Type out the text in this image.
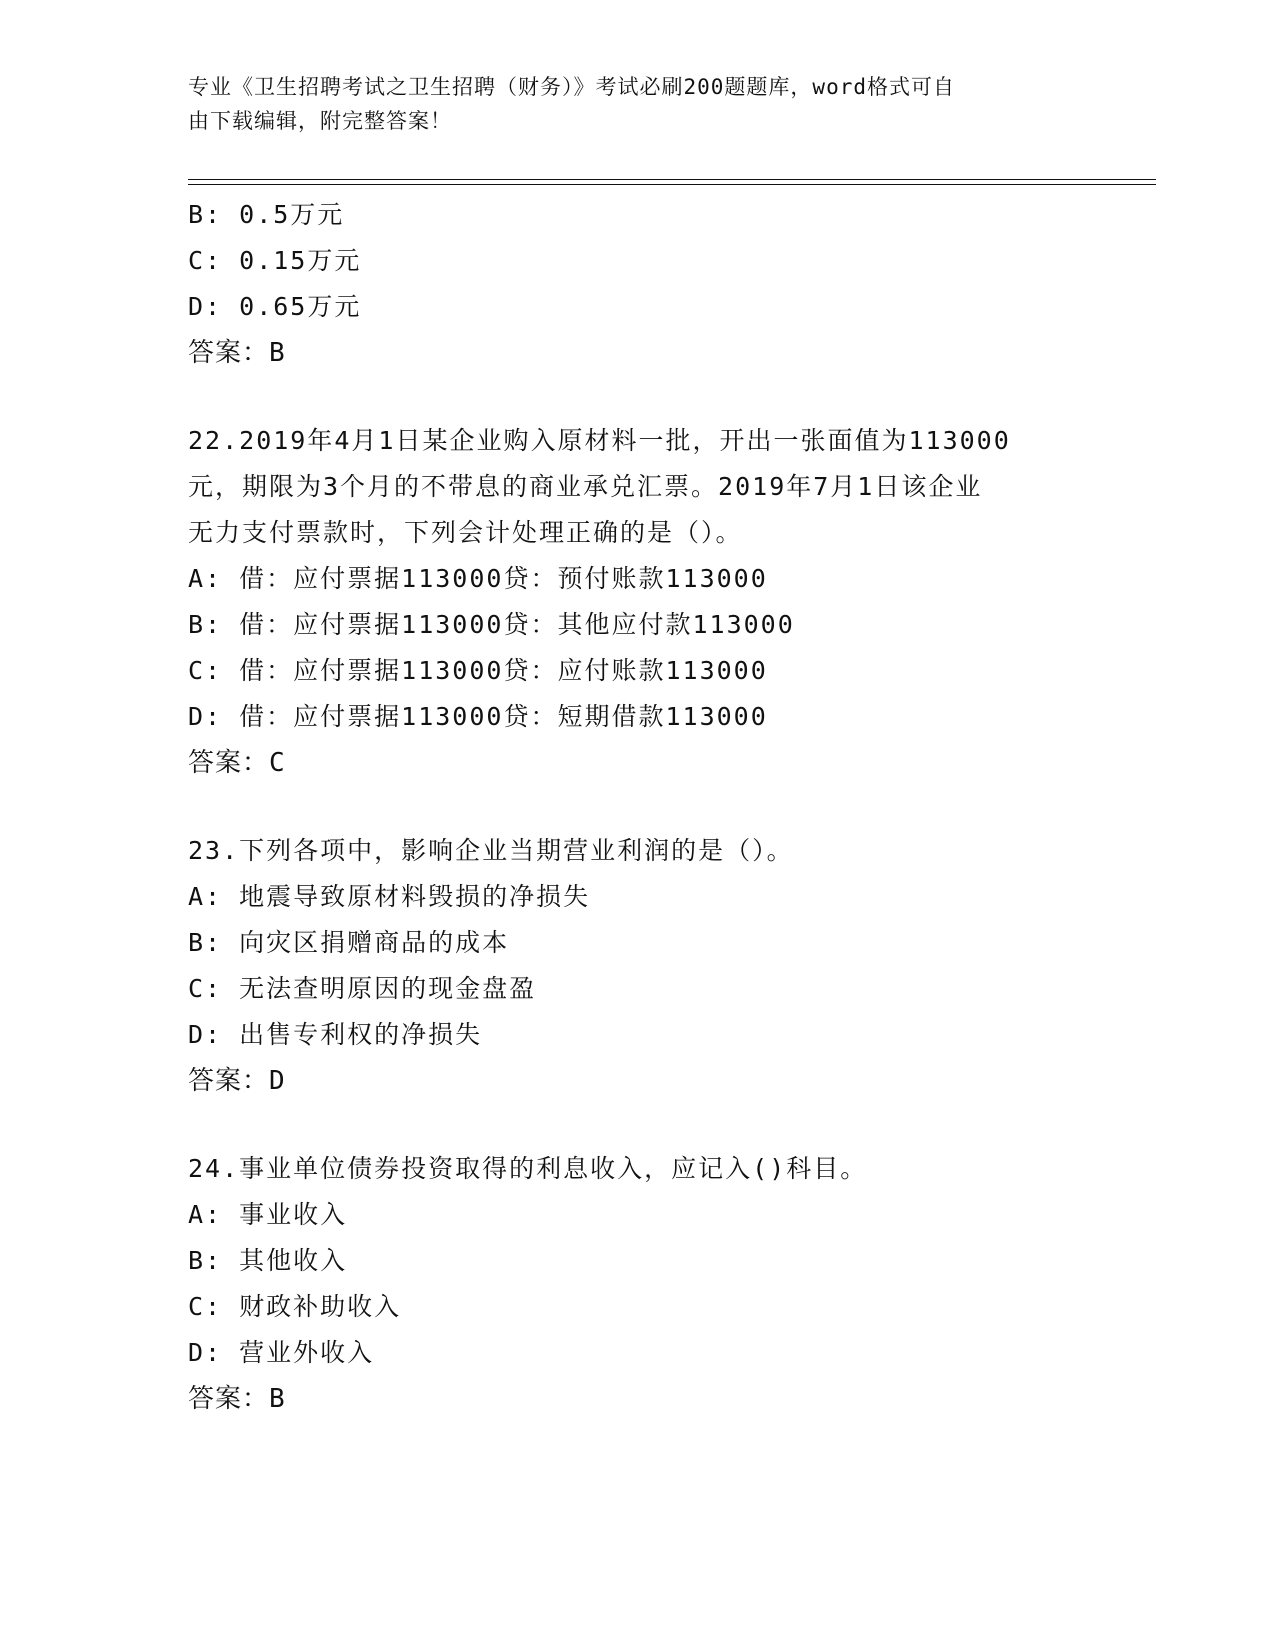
专业《卫生招聘考试之卫生招聘（财务）》考试必刷200题题库，word格式可自
由下载编辑，附完整答案！
B: 0.5万元
C: 0.15万元
D: 0.65万元
答案：B
22.2019年4月1日某企业购入原材料一批，开出一张面值为113000
元，期限为3个月的不带息的商业承兑汇票。2019年7月1日该企业
无力支付票款时，下列会计处理正确的是（）。
A: 借：应付票据113000贷：预付账款113000
B: 借：应付票据113000贷：其他应付款113000
C: 借：应付票据113000贷：应付账款113000
D: 借：应付票据113000贷：短期借款113000
答案：C
23.下列各项中，影响企业当期营业利润的是（）。
A: 地震导致原材料毁损的净损失
B: 向灾区捐赠商品的成本
C: 无法查明原因的现金盘盈
D: 出售专利权的净损失
答案：D
24.事业单位债券投资取得的利息收入，应记入()科目。
A: 事业收入
B: 其他收入
C: 财政补助收入
D: 营业外收入
答案：B
